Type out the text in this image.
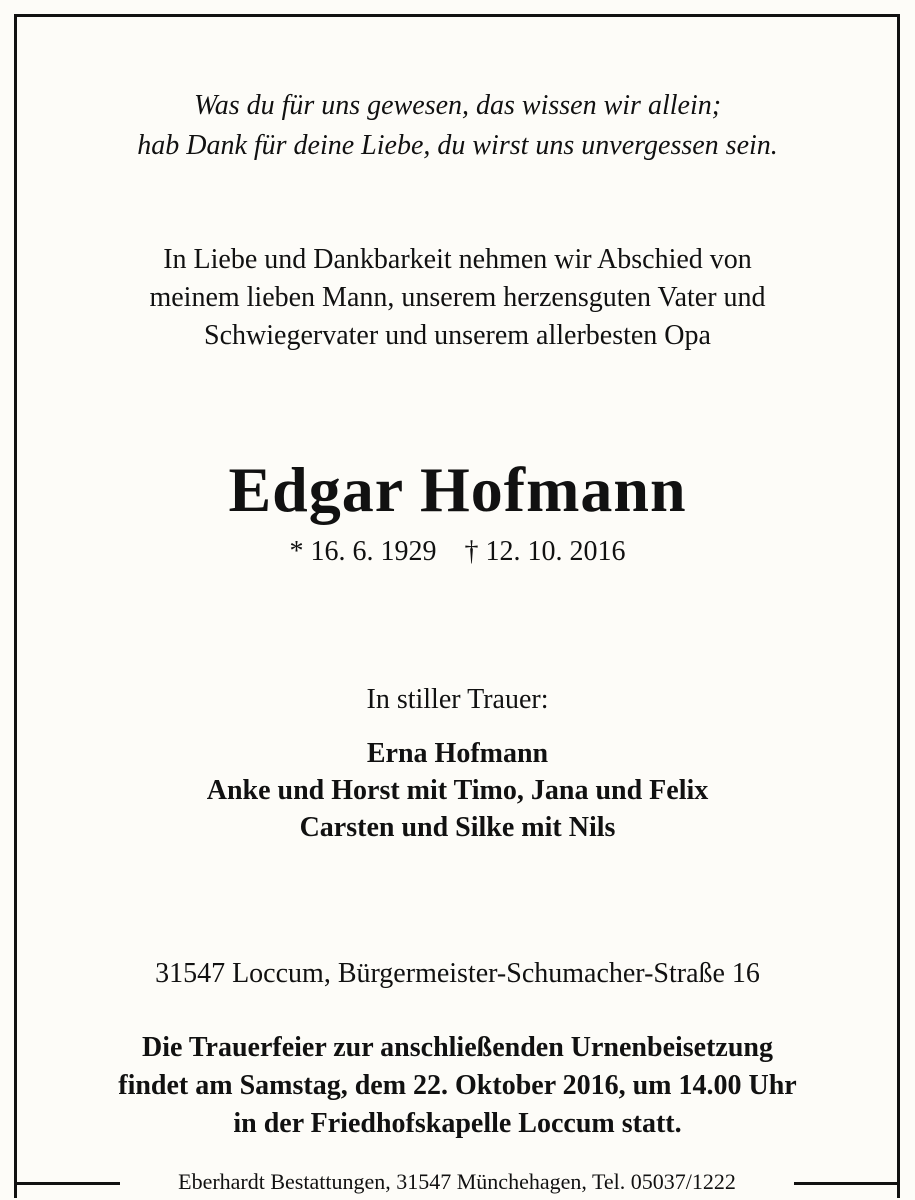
Was du für uns gewesen, das wissen wir allein;
hab Dank für deine Liebe, du wirst uns unvergessen sein.
In Liebe und Dankbarkeit nehmen wir Abschied von
meinem lieben Mann, unserem herzensguten Vater und
Schwiegervater und unserem allerbesten Opa
Edgar Hofmann
* 16. 6. 1929    † 12. 10. 2016
In stiller Trauer:
Erna Hofmann
Anke und Horst mit Timo, Jana und Felix
Carsten und Silke mit Nils
31547 Loccum, Bürgermeister-Schumacher-Straße 16
Die Trauerfeier zur anschließenden Urnenbeisetzung
findet am Samstag, dem 22. Oktober 2016, um 14.00 Uhr
in der Friedhofskapelle Loccum statt.
Eberhardt Bestattungen, 31547 Münchehagen, Tel. 05037/1222
